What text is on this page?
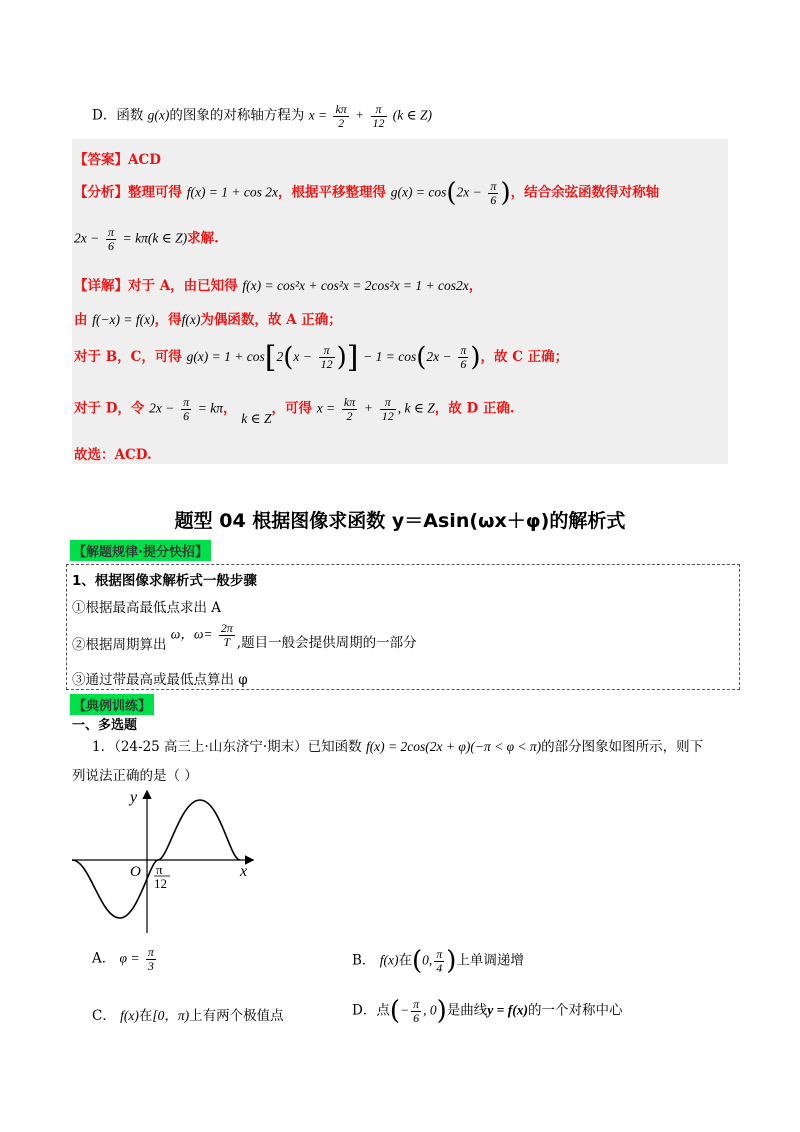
D．函数 g(x)的图象的对称轴方程为 $x = \frac{k\pi}{2} + \frac{\pi}{12} (k$ ∈ Z)
【答案】ACD
【分析】整理可得 f(x) = 1 + cos 2x，根据平移整理得 $g(x) = \cos(2x - \frac{\pi}{6}$ )，结合余弦函数得对称轴
$2x - \frac{\pi}{6} = k\pi(k$ ∈ Z)求解.
【详解】对于 A，由已知得 f(x) = cos²x + cos²x = 2cos²x = 1 + cos2x，
由 f(−x) = f(x)，得f(x)为偶函数，故 A 正确；
对于 B，C，可得 $g(x) = 1 + \cos[2(x - \frac{\pi}{12}$ )] − $1 = \cos(2x - \frac{\pi}{6}$ )，故 C 正确；
对于 D，令 $2x - \frac{\pi}{6} = k\pi$， k ∈ Z，可得 $x = \frac{k\pi}{2} + \frac{\pi}{12}$ , k ∈ Z，故 D 正确.
故选：ACD.
题型 04 根据图像求函数 y＝Asin(ωx＋φ)的解析式
【解题规律·提分快招】
1、根据图像求解析式一般步骤
①根据最高最低点求出 A
②根据周期算出 ω，$\omega= \frac{2\pi}{T}$ ,题目一般会提供周期的一部分
③通过带最高或最低点算出 φ
【典例训练】
一、多选题
1．（24-25 高三上·山东济宁·期末）已知函数 f(x) = 2cos(2x + φ)(−π < φ < π)的部分图象如图所示，则下
列说法正确的是（ ）
y
x
O π
12
A． $\varphi = \frac{\pi}{3}$	B． f(x)在(0, $\frac{\pi}{4}$ )上单调递增
C． f(x)在[0，π)上有两个极值点	D．点(− $\frac{\pi}{6}$ , 0)是曲线y = f(x)的一个对称中心
